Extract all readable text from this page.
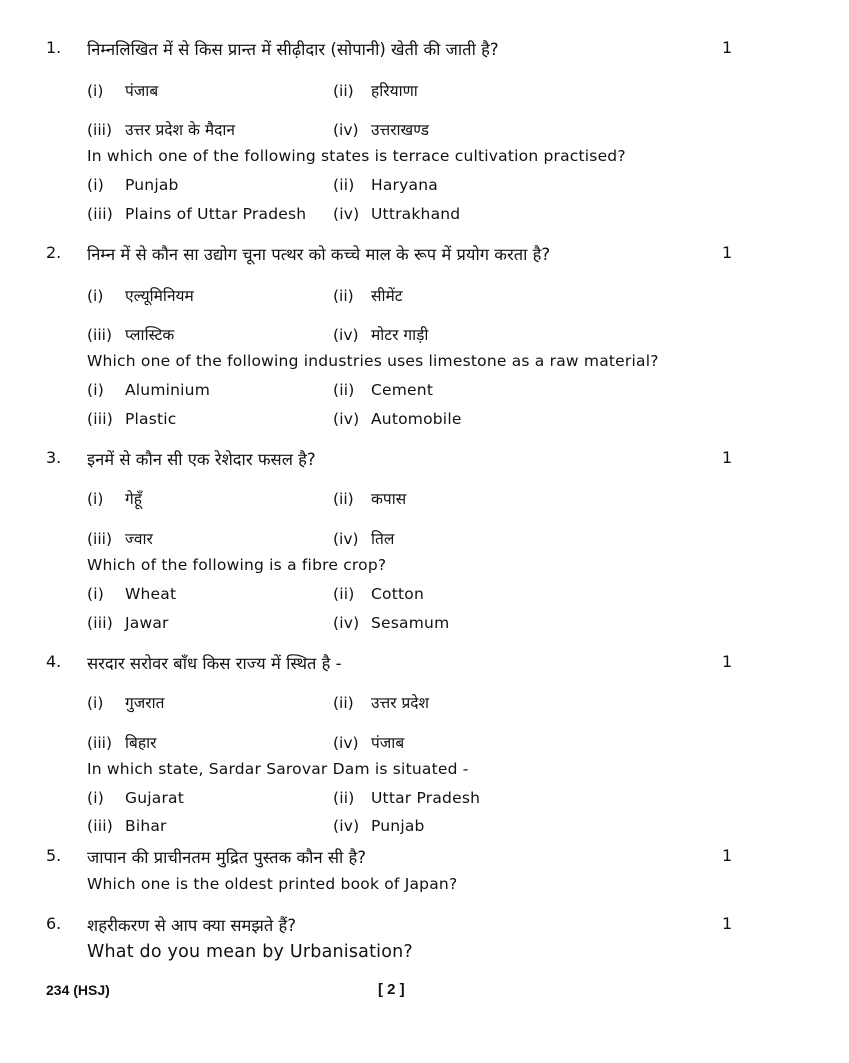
1. निम्नलिखित में से किस प्रान्त में सीढ़ीदार (सोपानी) खेती की जाती है?	1
(i) पंजाब	(ii) हरियाणा
(iii) उत्तर प्रदेश के मैदान	(iv) उत्तराखण्ड
In which one of the following states is terrace cultivation practised?
(i) Punjab	(ii) Haryana
(iii) Plains of Uttar Pradesh (iv) Uttrakhand
2. निम्न में से कौन सा उद्योग चूना पत्थर को कच्चे माल के रूप में प्रयोग करता है?	1
(i) एल्यूमिनियम	(ii) सीमेंट
(iii) प्लास्टिक	(iv) मोटर गाड़ी
Which one of the following industries uses limestone as a raw material?
(i) Aluminium	(ii) Cement
(iii) Plastic	(iv) Automobile
3. इनमें से कौन सी एक रेशेदार फसल है?	1
(i) गेहूँ	(ii) कपास
(iii) ज्वार	(iv) तिल
Which of the following is a fibre crop?
(i) Wheat	(ii) Cotton
(iii) Jawar	(iv) Sesamum
4. सरदार सरोवर बाँध किस राज्य में स्थित है -	1
(i) गुजरात	(ii) उत्तर प्रदेश
(iii) बिहार	(iv) पंजाब
In which state, Sardar Sarovar Dam is situated -
(i) Gujarat	(ii) Uttar Pradesh
(iii) Bihar	(iv) Punjab
5. जापान की प्राचीनतम मुद्रित पुस्तक कौन सी है?	1
Which one is the oldest printed book of Japan?
6. शहरीकरण से आप क्या समझते हैं?	1
What do you mean by Urbanisation?
234 (HSJ)	[ 2 ]
